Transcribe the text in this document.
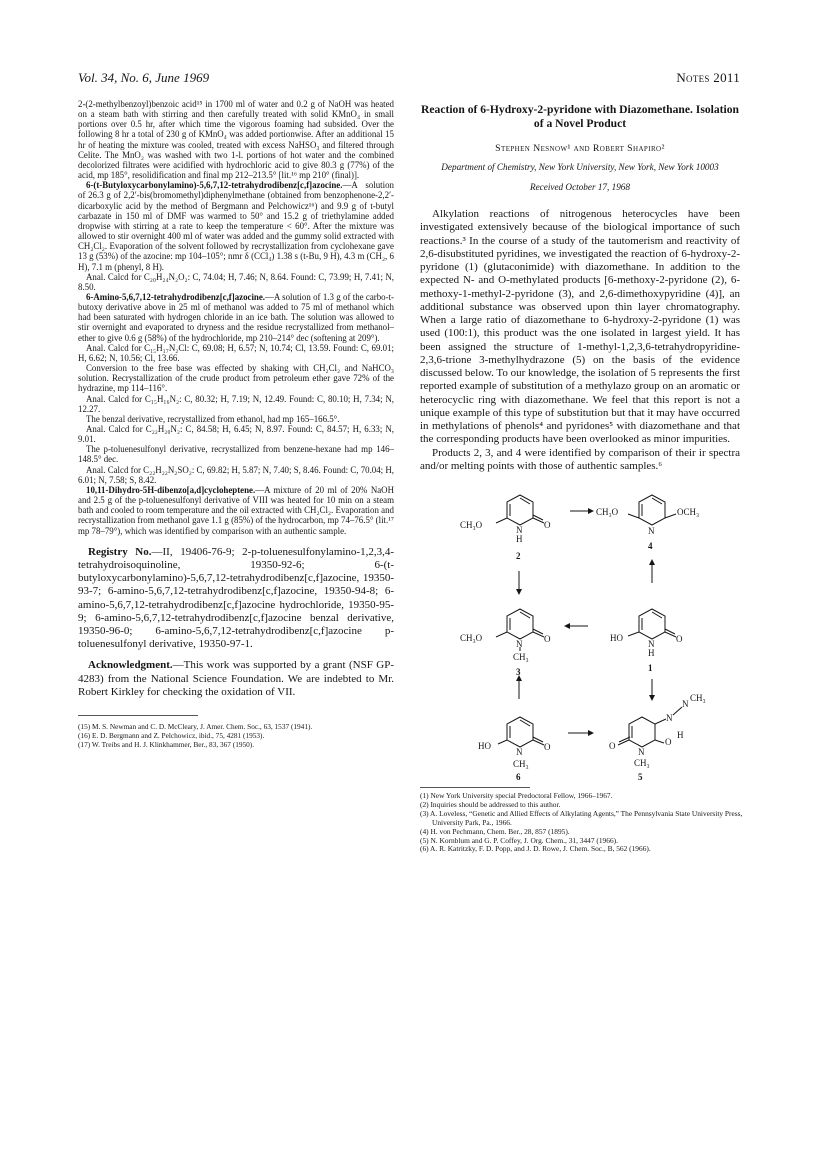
Vol. 34, No. 6, June 1969	Notes 2011

2-(2-methylbenzoyl)benzoic acid¹⁵ in 1700 ml of water and 0.2 g of NaOH was heated on a steam bath with stirring and then carefully treated with solid KMnO₄ in small portions over 0.5 hr, after which time the vigorous foaming had subsided. Over the following 8 hr a total of 230 g of KMnO₄ was added portionwise. After an additional 15 hr of heating the mixture was cooled, treated with excess NaHSO₃ and filtered through Celite. The MnO₂ was washed with two 1-l. portions of hot water and the combined decolorized filtrates were acidified with hydrochloric acid to give 80.3 g (77%) of the acid, mp 185°, resolidification and final mp 212–213.5° [lit.¹⁶ mp 210° (final)].

6-(t-Butyloxycarbonylamino)-5,6,7,12-tetrahydrodibenz[c,f]azocine.—A solution of 26.3 g of 2,2′-bis(bromomethyl)diphenylmethane (obtained from benzophenone-2,2′-dicarboxylic acid by the method of Bergmann and Pelchowicz¹⁶) and 9.9 g of t-butyl carbazate in 150 ml of DMF was warmed to 50° and 15.2 g of triethylamine added dropwise with stirring at a rate to keep the temperature < 60°. After the mixture was allowed to stir overnight 400 ml of water was added and the gummy solid extracted with CH₂Cl₂. Evaporation of the solvent followed by recrystallization from cyclohexane gave 13 g (53%) of the azocine: mp 104–105°; nmr δ (CCl₄) 1.38 s (t-Bu, 9 H), 4.3 m (CH₂, 6 H), 7.1 m (phenyl, 8 H).

Anal. Calcd for C₂₀H₂₄N₂O₂: C, 74.04; H, 7.46; N, 8.64. Found: C, 73.99; H, 7.41; N, 8.50.

6-Amino-5,6,7,12-tetrahydrodibenz[c,f]azocine.—A solution of 1.3 g of the carbo-t-butoxy derivative above in 25 ml of methanol was added to 75 ml of methanol which had been saturated with hydrogen chloride in an ice bath. The solution was allowed to stir overnight and evaporated to dryness and the residue recrystallized from methanol–ether to give 0.6 g (58%) of the hydrochloride, mp 210–214° dec (softening at 209°).

Anal. Calcd for C₁₅H₁₇N₂Cl: C, 69.08; H, 6.57; N, 10.74; Cl, 13.59. Found: C, 69.01; H, 6.62; N, 10.56; Cl, 13.66.

Conversion to the free base was effected by shaking with CH₂Cl₂ and NaHCO₃ solution. Recrystallization of the crude product from petroleum ether gave 72% of the hydrazine, mp 114–116°.

Anal. Calcd for C₁₅H₁₆N₂: C, 80.32; H, 7.19; N, 12.49. Found: C, 80.10; H, 7.34; N, 12.27.

The benzal derivative, recrystallized from ethanol, had mp 165–166.5°.

Anal. Calcd for C₂₂H₂₀N₂: C, 84.58; H, 6.45; N, 8.97. Found: C, 84.57; H, 6.33; N, 9.01.

The p-toluenesulfonyl derivative, recrystallized from benzene-hexane had mp 146–148.5° dec.

Anal. Calcd for C₂₂H₂₂N₂SO₂: C, 69.82; H, 5.87; N, 7.40; S, 8.46. Found: C, 70.04; H, 6.01; N, 7.58; S, 8.42.

10,11-Dihydro-5H-dibenzo[a,d]cycloheptene.—A mixture of 20 ml of 20% NaOH and 2.5 g of the p-toluenesulfonyl derivative of VIII was heated for 10 min on a steam bath and cooled to room temperature and the oil extracted with CH₂Cl₂. Evaporation and recrystallization from methanol gave 1.1 g (85%) of the hydrocarbon, mp 74–76.5° (lit.¹⁷ mp 78–79°), which was identified by comparison with an authentic sample.

Registry No.—II, 19406-76-9; 2-p-toluenesulfonylamino-1,2,3,4-tetrahydroisoquinoline, 19350-92-6; 6-(t-butyloxycarbonylamino)-5,6,7,12-tetrahydrodibenz[c,f]azocine, 19350-93-7; 6-amino-5,6,7,12-tetrahydrodibenz[c,f]azocine, 19350-94-8; 6-amino-5,6,7,12-tetrahydrodibenz[c,f]azocine hydrochloride, 19350-95-9; 6-amino-5,6,7,12-tetrahydrodibenz[c,f]azocine benzal derivative, 19350-96-0; 6-amino-5,6,7,12-tetrahydrodibenz[c,f]azocine p-toluenesulfonyl derivative, 19350-97-1.

Acknowledgment.—This work was supported by a grant (NSF GP-4283) from the National Science Foundation. We are indebted to Mr. Robert Kirkley for checking the oxidation of VII.

(15) M. S. Newman and C. D. McCleary, J. Amer. Chem. Soc., 63, 1537 (1941).
(16) E. D. Bergmann and Z. Pelchowicz, ibid., 75, 4281 (1953).
(17) W. Treibs and H. J. Klinkhammer, Ber., 83, 367 (1950).
Reaction of 6-Hydroxy-2-pyridone with Diazomethane. Isolation of a Novel Product
Stephen Nesnow¹ and Robert Shapiro²
Department of Chemistry, New York University, New York, New York 10003
Received October 17, 1968

Alkylation reactions of nitrogenous heterocycles have been investigated extensively because of the biological importance of such reactions.³ In the course of a study of the tautomerism and reactivity of 2,6-disubstituted pyridines, we investigated the reaction of 6-hydroxy-2-pyridone (1) (glutaconimide) with diazomethane. In addition to the expected N- and O-methylated products [6-methoxy-2-pyridone (2), 6-methoxy-1-methyl-2-pyridone (3), and 2,6-dimethoxypyridine (4)], an additional substance was observed upon thin layer chromatography. When a large ratio of diazomethane to 6-hydroxy-2-pyridone (1) was used (100:1), this product was the one isolated in largest yield. It has been assigned the structure of 1-methyl-1,2,3,6-tetrahydropyridine-2,3,6-trione 3-methylhydrazone (5) on the basis of the evidence discussed below. To our knowledge, the isolation of 5 represents the first reported example of substitution of a methylazo group on an aromatic or heterocyclic ring with diazomethane. We feel that this report is not a unique example of this type of substitution but that it may have occurred in methylations of phenols⁴ and pyridones⁵ with diazomethane and that the corresponding products have been overlooked as minor impurities.

Products 2, 3, and 4 were identified by comparison of their ir spectra and/or melting points with those of authentic samples.⁶

CH₃O	N
H
O
2
CH₃O
N
OCH₃
4
CH₃O
N
CH₃
O
3
HO
N
H
O
1
HO
N
CH₃
O
6
O
N
CH₃
O
N
N
CH₃
H
5
(1) New York University special Predoctoral Fellow, 1966–1967.
(2) Inquiries should be addressed to this author.
(3) A. Loveless, “Genetic and Allied Effects of Alkylating Agents,” The Pennsylvania State University Press, University Park, Pa., 1966.
(4) H. von Pechmann, Chem. Ber., 28, 857 (1895).
(5) N. Kornblum and G. P. Coffey, J. Org. Chem., 31, 3447 (1966).
(6) A. R. Katritzky, F. D. Popp, and J. D. Rowe, J. Chem. Soc., B, 562 (1966).
